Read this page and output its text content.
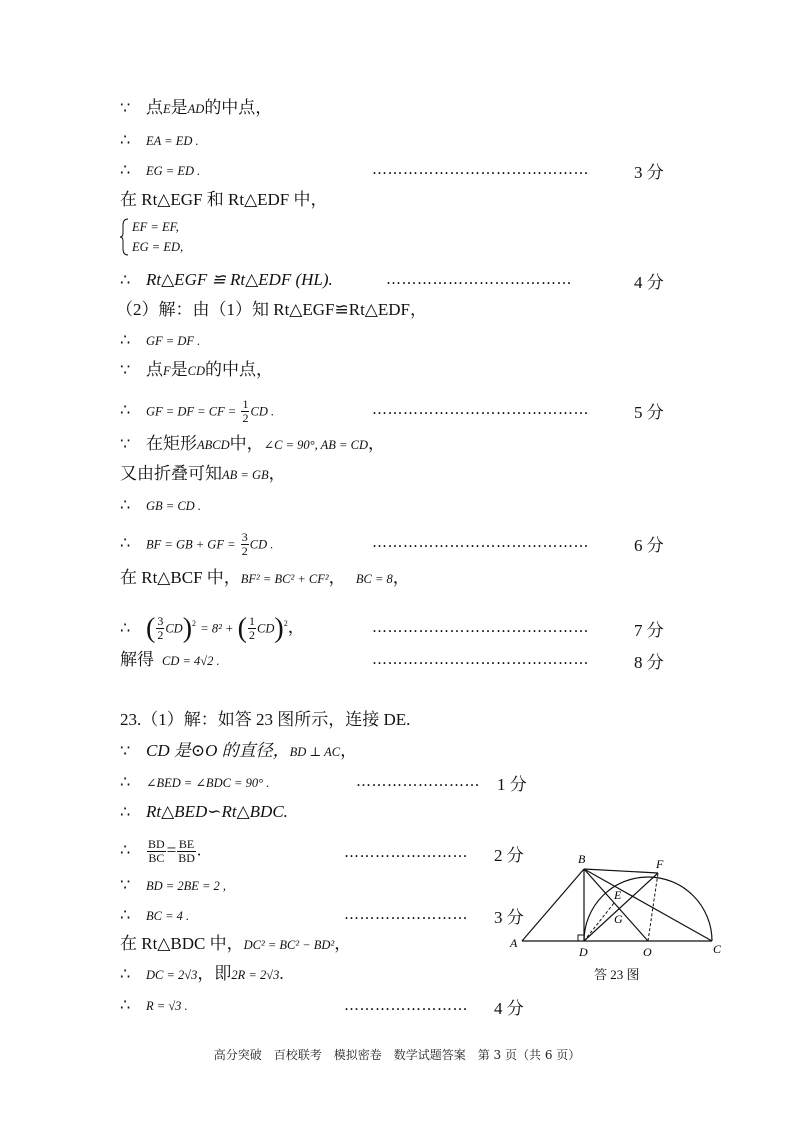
∵ 点E是AD的中点，
∴ EA = ED .
∴ EG = ED .	……………………………………	3 分
在 Rt△EGF 和 Rt△EDF 中，
EF = EF,
EG = ED,
∴ Rt△EGF ≌ Rt△EDF (HL).	………………………………	4 分
（2）解：由（1）知 Rt△EGF≌Rt△EDF，
∴ GF = DF .
∵ 点F是CD的中点，
∴ GF = DF = CF = $\frac{1}{2}$ CD .	……………………………………	5 分
∵ 在矩形ABCD中，∠C = 90°, AB = CD，
又由折叠可知AB = GB，
∴ GB = CD .
∴ BF = GB + GF = $\frac{3}{2}$ CD .	……………………………………	6 分
在 Rt△BCF 中，BF² = BC² + CF²， BC = 8，
∴ ( $\frac{3}{2} CD)^2 = 8^2$ + ( $\frac{1}{2} CD)^2$，	……………………………………	7 分
解得 CD = 4√2 .	……………………………………	8 分
23.（1）解：如答 23 图所示，连接 DE.
∵ CD 是⊙O 的直径，BD ⊥ AC，
∴ ∠BED = ∠BDC = 90° .	…………………… 1 分
∴ Rt△BED∽Rt△BDC.
∴ $\frac{BD}{BC} = \frac{BE}{BD}$ .	…………………… 2 分
∵ BD = 2BE = 2 ,
∴ BC = 4 .	…………………… 3 分
在 Rt△BDC 中，DC² = BC² − BD²，
∴ DC = 2√3，即2R = 2√3.
∴ R = √3 .	…………………… 4 分
A
B
C
D	O
E
F
G
答 23 图
高分突破　百校联考　模拟密卷　数学试题答案　第 3 页（共 6 页）
